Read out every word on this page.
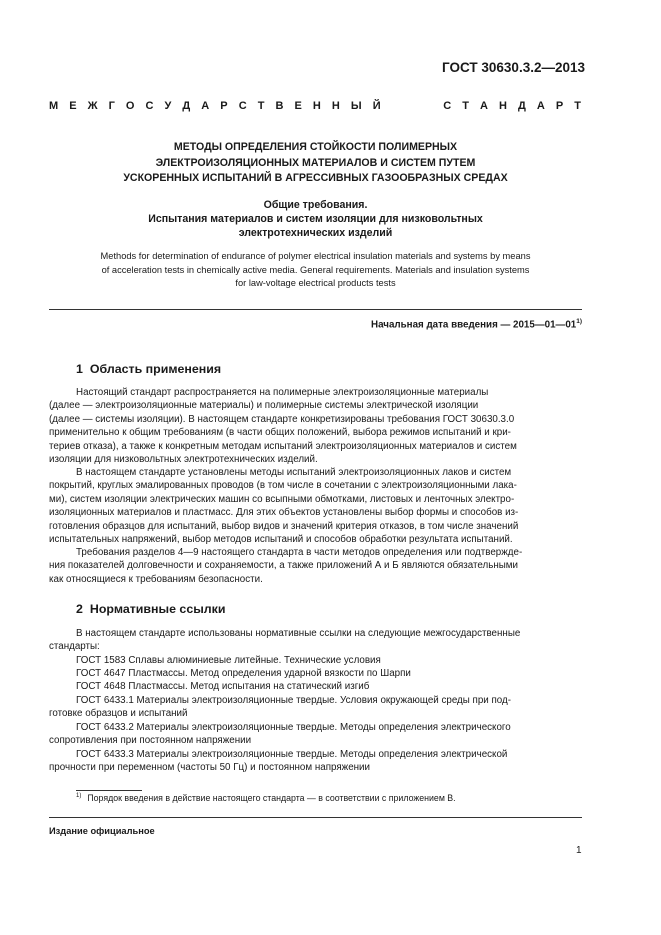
ГОСТ 30630.3.2—2013
М Е Ж Г О С У Д А Р С Т В Е Н Н Ы Й	С Т А Н Д А Р Т
МЕТОДЫ ОПРЕДЕЛЕНИЯ СТОЙКОСТИ ПОЛИМЕРНЫХ
ЭЛЕКТРОИЗОЛЯЦИОННЫХ МАТЕРИАЛОВ И СИСТЕМ ПУТЕМ
УСКОРЕННЫХ ИСПЫТАНИЙ В АГРЕССИВНЫХ ГАЗООБРАЗНЫХ СРЕДАХ
Общие требования.
Испытания материалов и систем изоляции для низковольтных
электротехнических изделий
Methods for determination of endurance of polymer electrical insulation materials and systems by means
of acceleration tests in chemically active media. General requirements. Materials and insulation systems
for law-voltage electrical products tests
Начальная дата введения — 2015—01—01$^{1)}$
1 Область применения
Настоящий стандарт распространяется на полимерные электроизоляционные материалы
(далее — электроизоляционные материалы) и полимерные системы электрической изоляции
(далее — системы изоляции). В настоящем стандарте конкретизированы требования ГОСТ 30630.3.0
применительно к общим требованиям (в части общих положений, выбора режимов испытаний и кри-
териев отказа), а также к конкретным методам испытаний электроизоляционных материалов и систем
изоляции для низковольтных электротехнических изделий.
В настоящем стандарте установлены методы испытаний электроизоляционных лаков и систем
покрытий, круглых эмалированных проводов (в том числе в сочетании с электроизоляционными лака-
ми), систем изоляции электрических машин со всыпными обмотками, листовых и ленточных электро-
изоляционных материалов и пластмасс. Для этих объектов установлены выбор формы и способов из-
готовления образцов для испытаний, выбор видов и значений критерия отказов, в том числе значений
испытательных напряжений, выбор методов испытаний и способов обработки результата испытаний.
Требования разделов 4—9 настоящего стандарта в части методов определения или подтвержде-
ния показателей долговечности и сохраняемости, а также приложений А и Б являются обязательными
как относящиеся к требованиям безопасности.
2 Нормативные ссылки
В настоящем стандарте использованы нормативные ссылки на следующие межгосударственные
стандарты:
ГОСТ 1583 Сплавы алюминиевые литейные. Технические условия
ГОСТ 4647 Пластмассы. Метод определения ударной вязкости по Шарпи
ГОСТ 4648 Пластмассы. Метод испытания на статический изгиб
ГОСТ 6433.1 Материалы электроизоляционные твердые. Условия окружающей среды при под-
готовке образцов и испытаний
ГОСТ 6433.2 Материалы электроизоляционные твердые. Методы определения электрического
сопротивления при постоянном напряжении
ГОСТ 6433.3 Материалы электроизоляционные твердые. Методы определения электрической
прочности при переменном (частоты 50 Гц) и постоянном напряжении
$^{1)}$ Порядок введения в действие настоящего стандарта — в соответствии с приложением В.
Издание официальное
1
